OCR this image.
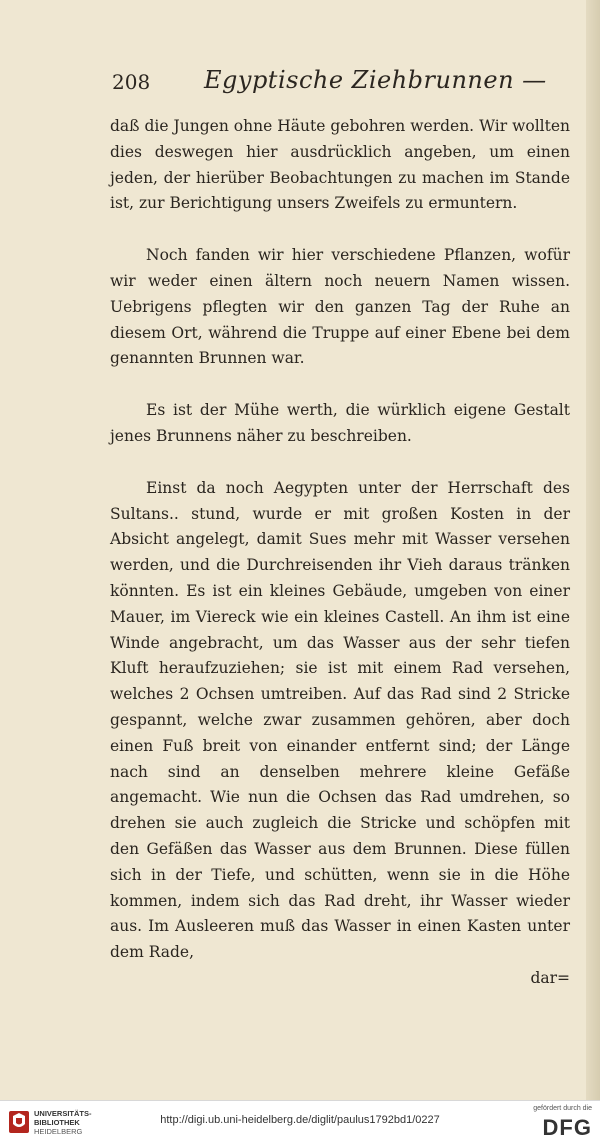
208 Egyptische Ziehbrunnen —

daß die Jungen ohne Häute gebohren werden. Wir wollten dies deswegen hier ausdrücklich angeben, um einen jeden, der hierüber Beobachtungen zu machen im Stande ist, zur Berichtigung unsers Zweifels zu ermuntern.

Noch fanden wir hier verschiedene Pflanzen, wofür wir weder einen ältern noch neuern Namen wissen. Uebrigens pflegten wir den ganzen Tag der Ruhe an diesem Ort, während die Truppe auf einer Ebene bei dem genannten Brunnen war.

Es ist der Mühe werth, die würklich eigene Gestalt jenes Brunnens näher zu beschreiben.

Einst da noch Aegypten unter der Herrschaft des Sultans.. stund, wurde er mit großen Kosten in der Absicht angelegt, damit Sues mehr mit Wasser versehen werden, und die Durchreisenden ihr Vieh daraus tränken könnten. Es ist ein kleines Gebäude, umgeben von einer Mauer, im Viereck wie ein kleines Castell. An ihm ist eine Winde angebracht, um das Wasser aus der sehr tiefen Kluft heraufzuziehen; sie ist mit einem Rad versehen, welches 2 Ochsen umtreiben. Auf das Rad sind 2 Stricke gespannt, welche zwar zusammen gehören, aber doch einen Fuß breit von einander entfernt sind; der Länge nach sind an denselben mehrere kleine Gefäße angemacht. Wie nun die Ochsen das Rad umdrehen, so drehen sie auch zugleich die Stricke und schöpfen mit den Gefäßen das Wasser aus dem Brunnen. Diese füllen sich in der Tiefe, und schütten, wenn sie in die Höhe kommen, indem sich das Rad dreht, ihr Wasser wieder aus. Im Ausleeren muß das Wasser in einen Kasten unter dem Rade,

dar=

UNIVERSITÄTS-
BIBLIOTHEK
HEIDELBERG
http://digi.ub.uni-heidelberg.de/diglit/paulus1792bd1/0227
gefördert durch die
DFG
